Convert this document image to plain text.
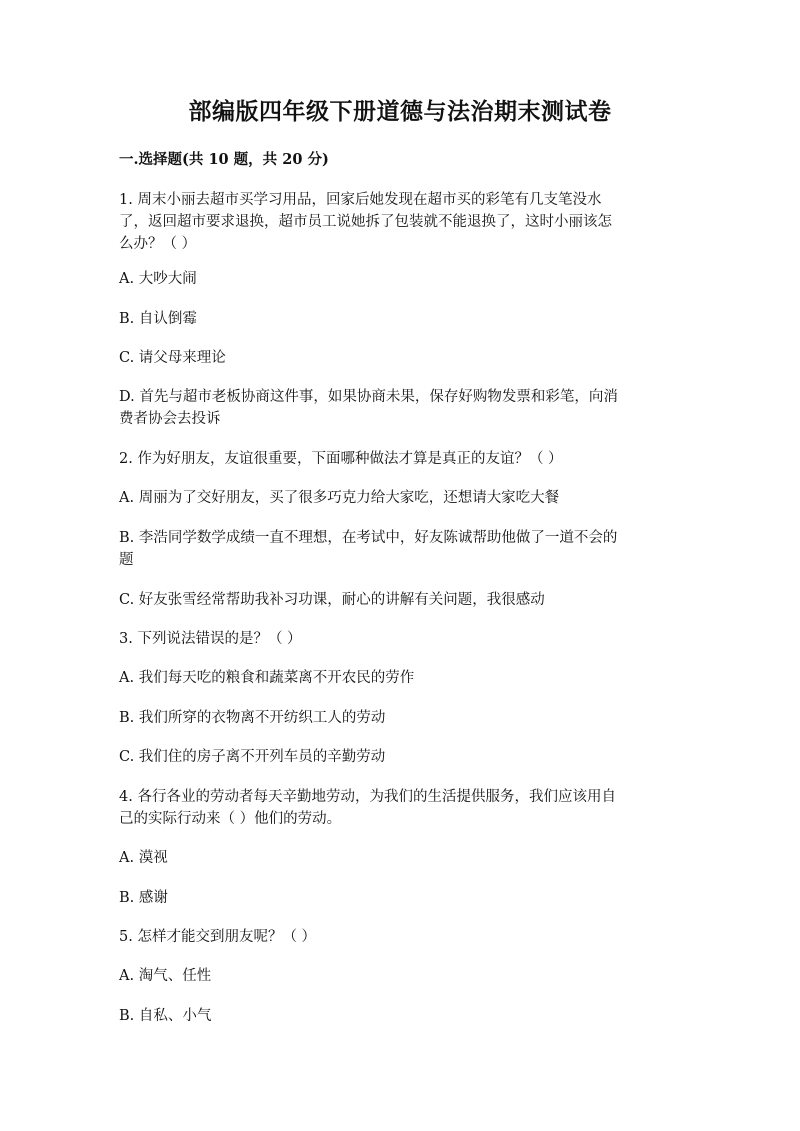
部编版四年级下册道德与法治期末测试卷
一.选择题(共 10 题，共 20 分)
1. 周末小丽去超市买学习用品，回家后她发现在超市买的彩笔有几支笔没水
了，返回超市要求退换，超市员工说她拆了包装就不能退换了，这时小丽该怎
么办？（ ）
A. 大吵大闹
B. 自认倒霉
C. 请父母来理论
D. 首先与超市老板协商这件事，如果协商未果，保存好购物发票和彩笔，向消
费者协会去投诉
2. 作为好朋友，友谊很重要，下面哪种做法才算是真正的友谊？（ ）
A. 周丽为了交好朋友，买了很多巧克力给大家吃，还想请大家吃大餐
B. 李浩同学数学成绩一直不理想，在考试中，好友陈诚帮助他做了一道不会的
题
C. 好友张雪经常帮助我补习功课，耐心的讲解有关问题，我很感动
3. 下列说法错误的是？（ ）
A. 我们每天吃的粮食和蔬菜离不开农民的劳作
B. 我们所穿的衣物离不开纺织工人的劳动
C. 我们住的房子离不开列车员的辛勤劳动
4. 各行各业的劳动者每天辛勤地劳动，为我们的生活提供服务，我们应该用自
己的实际行动来（ ）他们的劳动。
A. 漠视
B. 感谢
5. 怎样才能交到朋友呢？（ ）
A. 淘气、任性
B. 自私、小气
